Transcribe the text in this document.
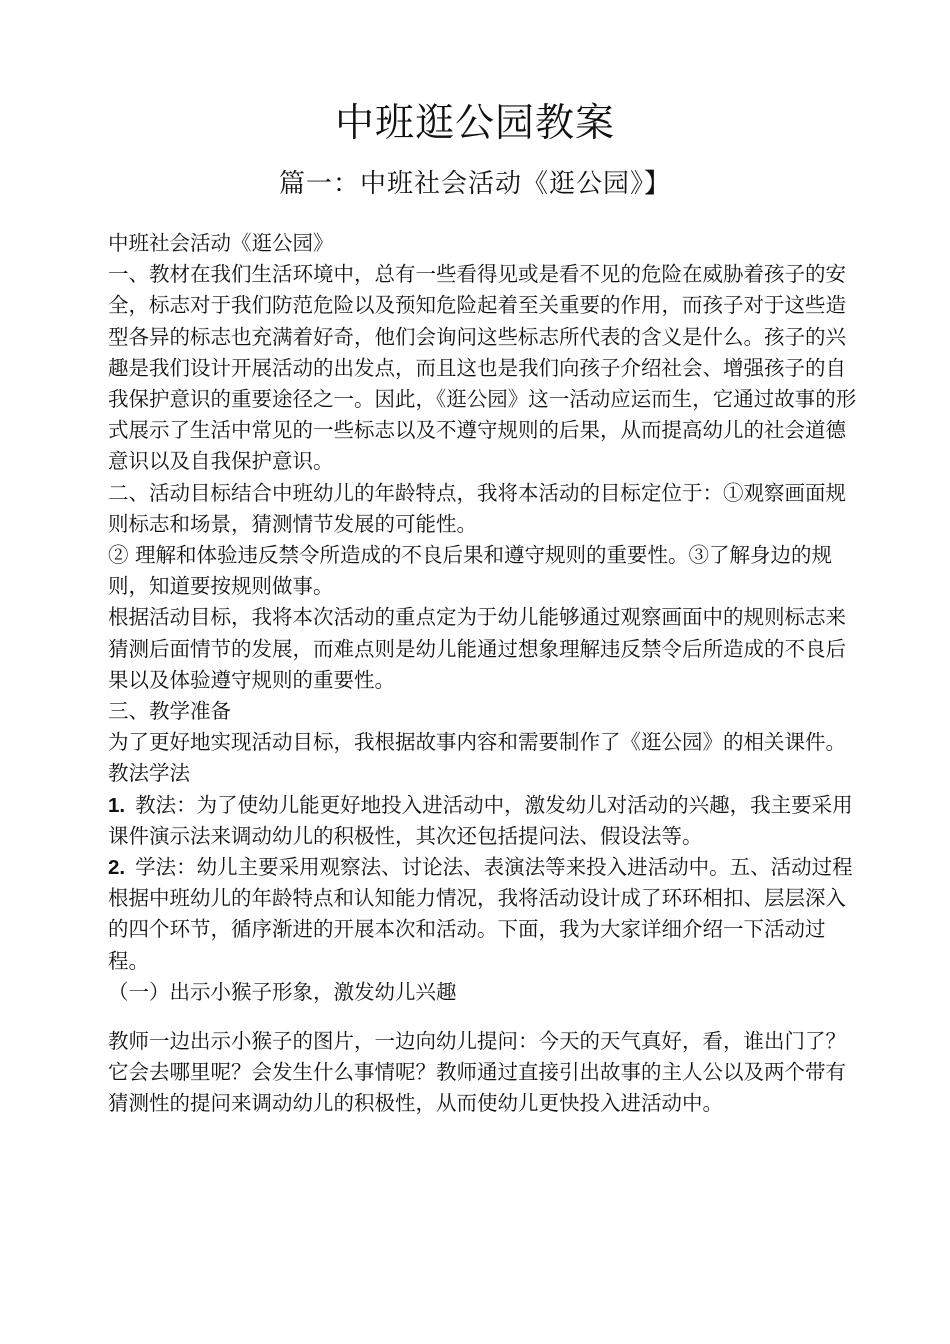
中班逛公园教案
篇一：中班社会活动《逛公园》】

中班社会活动《逛公园》

一、教材在我们生活环境中，总有一些看得见或是看不见的危险在威胁着孩子的安全，标志对于我们防范危险以及预知危险起着至关重要的作用，而孩子对于这些造型各异的标志也充满着好奇，他们会询问这些标志所代表的含义是什么。孩子的兴趣是我们设计开展活动的出发点，而且这也是我们向孩子介绍社会、增强孩子的自我保护意识的重要途径之一。因此，《逛公园》这一活动应运而生，它通过故事的形式展示了生活中常见的一些标志以及不遵守规则的后果，从而提高幼儿的社会道德意识以及自我保护意识。

二、活动目标结合中班幼儿的年龄特点，我将本活动的目标定位于：①观察画面规则标志和场景，猜测情节发展的可能性。

② 理解和体验违反禁令所造成的不良后果和遵守规则的重要性。③了解身边的规则，知道要按规则做事。

根据活动目标，我将本次活动的重点定为于幼儿能够通过观察画面中的规则标志来猜测后面情节的发展，而难点则是幼儿能通过想象理解违反禁令后所造成的不良后果以及体验遵守规则的重要性。

三、教学准备

为了更好地实现活动目标，我根据故事内容和需要制作了《逛公园》的相关课件。

教法学法

1. 教法：为了使幼儿能更好地投入进活动中，激发幼儿对活动的兴趣，我主要采用课件演示法来调动幼儿的积极性，其次还包括提问法、假设法等。

2. 学法：幼儿主要采用观察法、讨论法、表演法等来投入进活动中。五、活动过程根据中班幼儿的年龄特点和认知能力情况，我将活动设计成了环环相扣、层层深入的四个环节，循序渐进的开展本次和活动。下面，我为大家详细介绍一下活动过程。

（一）出示小猴子形象，激发幼儿兴趣

教师一边出示小猴子的图片，一边向幼儿提问：今天的天气真好，看，谁出门了？它会去哪里呢？会发生什么事情呢？教师通过直接引出故事的主人公以及两个带有猜测性的提问来调动幼儿的积极性，从而使幼儿更快投入进活动中。
